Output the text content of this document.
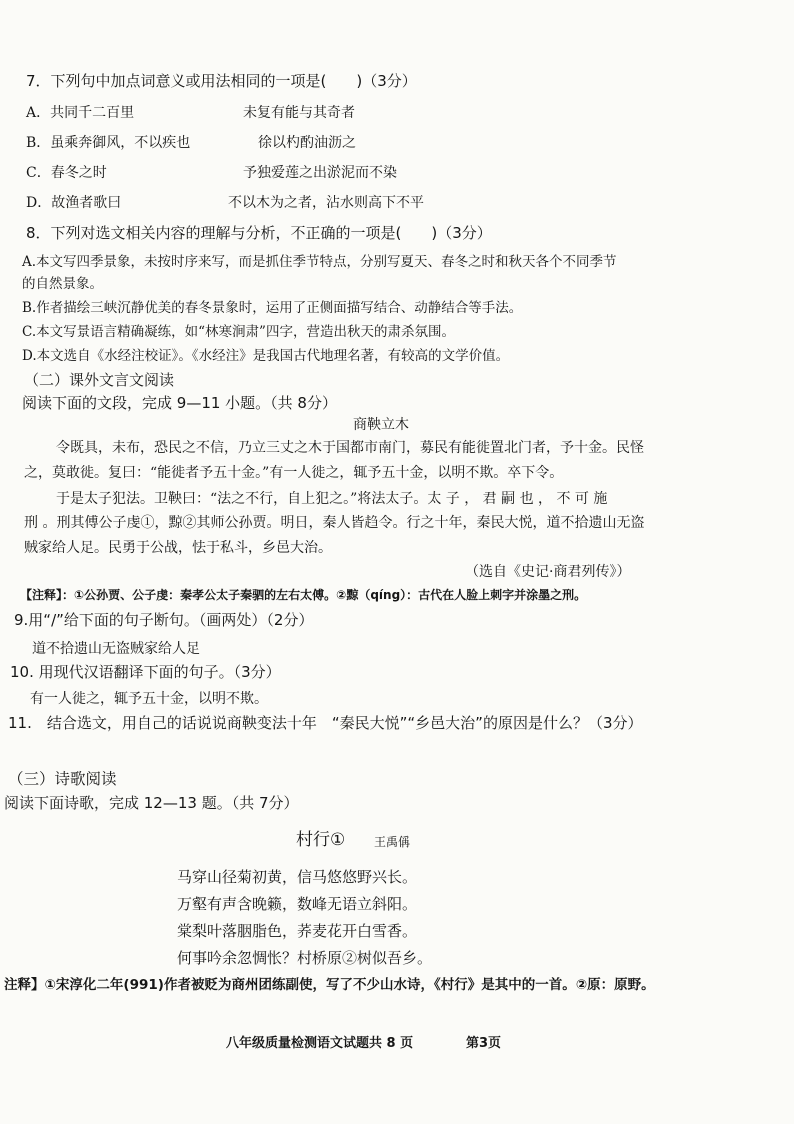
7．下列句中加点词意义或用法相同的一项是(　　)（3分）
A．共同千二百里	未复有能与其奇者
B．虽乘奔御风，不以疾也	徐以杓酌油沥之
C．春冬之时	予独爱莲之出淤泥而不染
D．故渔者歌曰	不以木为之者，沾水则高下不平
8．下列对选文相关内容的理解与分析，不正确的一项是(　　)（3分）
A.本文写四季景象，未按时序来写，而是抓住季节特点，分别写夏天、春冬之时和秋天各个不同季节
的自然景象。
B.作者描绘三峡沉静优美的春冬景象时，运用了正侧面描写结合、动静结合等手法。
C.本文写景语言精确凝练，如“林寒涧肃”四字，营造出秋天的肃杀氛围。
D.本文选自《水经注校证》。《水经注》是我国古代地理名著，有较高的文学价值。
（二）课外文言文阅读
阅读下面的文段，完成 9—11 小题。（共 8分）
商鞅立木
令既具，未布，恐民之不信，乃立三丈之木于国都市南门，募民有能徙置北门者，予十金。民怪
之，莫敢徙。复曰：“能徙者予五十金。”有一人徙之，辄予五十金，以明不欺。卒下令。
于是太子犯法。卫鞅曰：“法之不行，自上犯之。”将法太子。太 子 ， 君 嗣 也 ， 不 可 施
刑 。刑其傅公子虔①，黥②其师公孙贾。明日，秦人皆趋令。行之十年，秦民大悦，道不拾遗山无盗
贼家给人足。民勇于公战，怯于私斗，乡邑大治。
（选自《史记·商君列传》）
【注释】：①公孙贾、公子虔：秦孝公太子秦驷的左右太傅。②黥（qíng）：古代在人脸上刺字并涂墨之刑。
9.用“/”给下面的句子断句。（画两处）（2分）
道不拾遗山无盗贼家给人足
10. 用现代汉语翻译下面的句子。（3分）
有一人徙之，辄予五十金，以明不欺。
11.　结合选文，用自己的话说说商鞅变法十年　“秦民大悦”“乡邑大治”的原因是什么？（3分）
（三）诗歌阅读
阅读下面诗歌，完成 12—13 题。（共 7分）
村行① 王禹偁
马穿山径菊初黄，信马悠悠野兴长。
万壑有声含晚籁，数峰无语立斜阳。
棠梨叶落胭脂色，荞麦花开白雪香。
何事吟余忽惆怅？村桥原②树似吾乡。
注释】①宋淳化二年(991)作者被贬为商州团练副使，写了不少山水诗，《村行》是其中的一首。②原：原野。
八年级质量检测语文试题共 8 页	第3页
